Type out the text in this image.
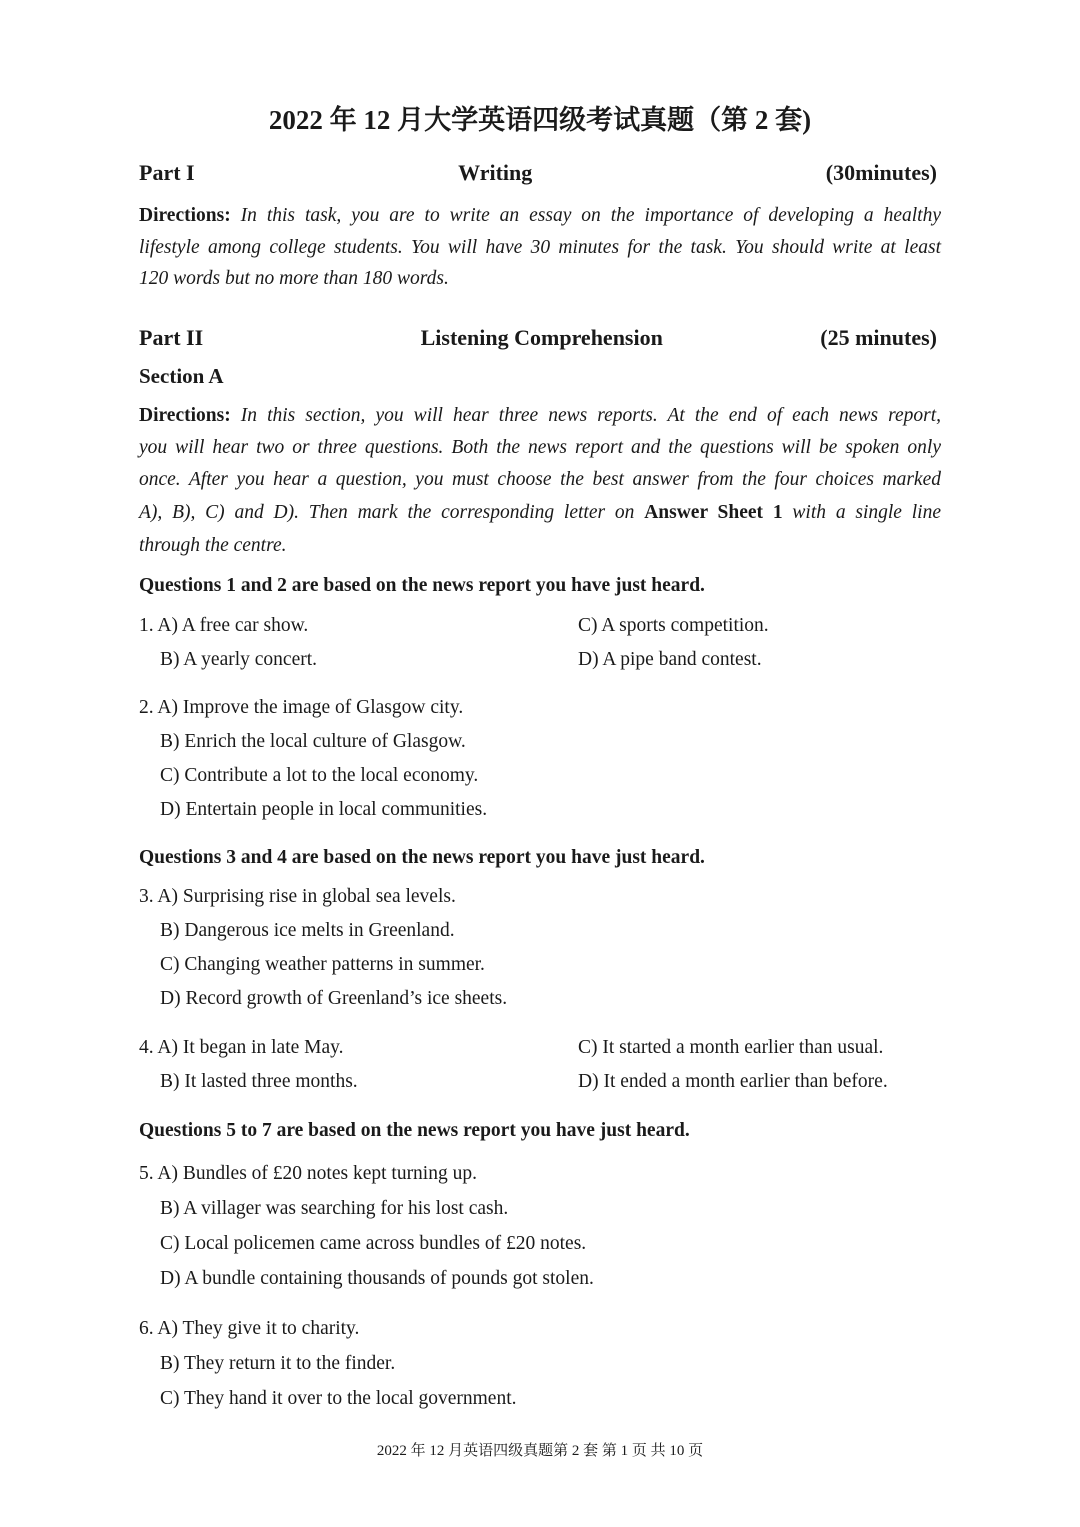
2022 年 12 月大学英语四级考试真题（第 2 套)
Part I	Writing	(30minutes)
Directions: In this task, you are to write an essay on the importance of developing a healthy
lifestyle among college students. You will have 30 minutes for the task. You should write at least
120 words but no more than 180 words.
Part II	Listening Comprehension	(25 minutes)
Section A
Directions: In this section, you will hear three news reports. At the end of each news report,
you will hear two or three questions. Both the news report and the questions will be spoken only
once. After you hear a question, you must choose the best answer from the four choices marked
A), B), C) and D). Then mark the corresponding letter on Answer Sheet 1 with a single line
through the centre.
Questions 1 and 2 are based on the news report you have just heard.
1. A) A free car show.	C) A sports competition.
B) A yearly concert.	D) A pipe band contest.
2. A) Improve the image of Glasgow city.
B) Enrich the local culture of Glasgow.
C) Contribute a lot to the local economy.
D) Entertain people in local communities.
Questions 3 and 4 are based on the news report you have just heard.
3. A) Surprising rise in global sea levels.
B) Dangerous ice melts in Greenland.
C) Changing weather patterns in summer.
D) Record growth of Greenland’s ice sheets.
4. A) It began in late May.	C) It started a month earlier than usual.
B) It lasted three months.	D) It ended a month earlier than before.
Questions 5 to 7 are based on the news report you have just heard.
5. A) Bundles of £20 notes kept turning up.
B) A villager was searching for his lost cash.
C) Local policemen came across bundles of £20 notes.
D) A bundle containing thousands of pounds got stolen.
6. A) They give it to charity.
B) They return it to the finder.
C) They hand it over to the local government.
2022 年 12 月英语四级真题第 2 套 第 1 页 共 10 页
